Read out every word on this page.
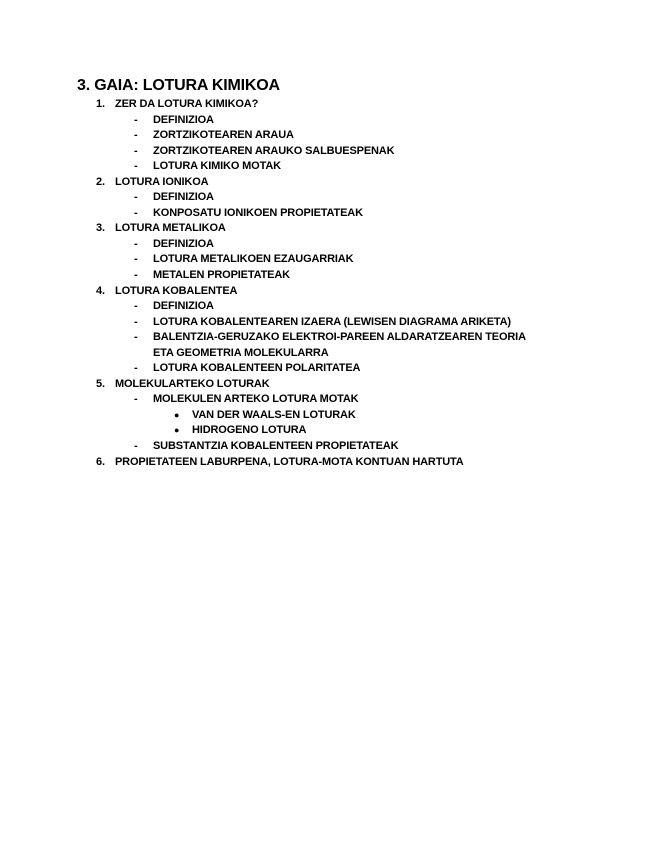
3. GAIA: LOTURA KIMIKOA
1. ZER DA LOTURA KIMIKOA?
- DEFINIZIOA
- ZORTZIKOTEAREN ARAUA
- ZORTZIKOTEAREN ARAUKO SALBUESPENAK
- LOTURA KIMIKO MOTAK
2. LOTURA IONIKOA
- DEFINIZIOA
- KONPOSATU IONIKOEN PROPIETATEAK
3. LOTURA METALIKOA
- DEFINIZIOA
- LOTURA METALIKOEN EZAUGARRIAK
- METALEN PROPIETATEAK
4. LOTURA KOBALENTEA
- DEFINIZIOA
- LOTURA KOBALENTEAREN IZAERA (LEWISEN DIAGRAMA ARIKETA)
- BALENTZIA-GERUZAKO ELEKTROI-PAREEN ALDARATZEAREN TEORIA
ETA GEOMETRIA MOLEKULARRA
- LOTURA KOBALENTEEN POLARITATEA
5. MOLEKULARTEKO LOTURAK
- MOLEKULEN ARTEKO LOTURA MOTAK
● VAN DER WAALS-EN LOTURAK
● HIDROGENO LOTURA
- SUBSTANTZIA KOBALENTEEN PROPIETATEAK
6. PROPIETATEEN LABURPENA, LOTURA-MOTA KONTUAN HARTUTA
